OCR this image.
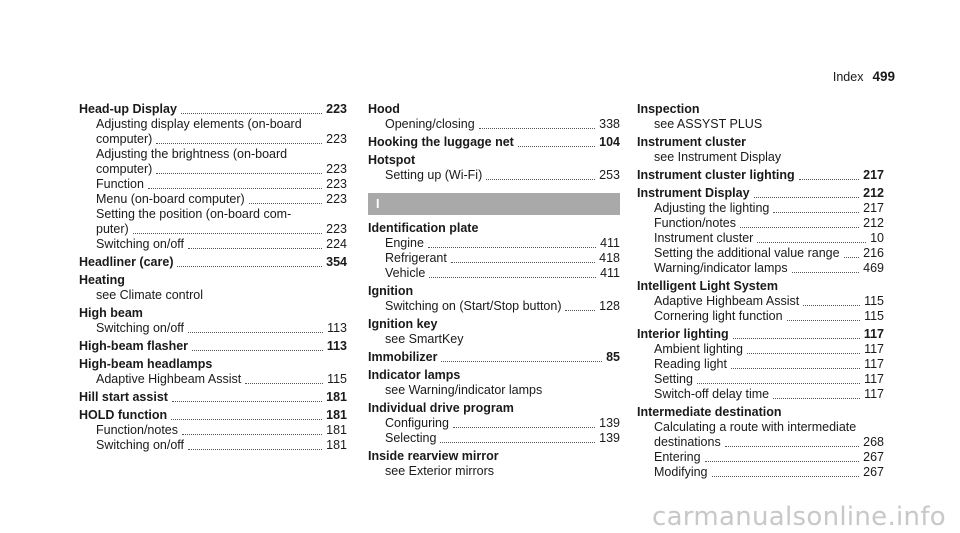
Index 499
Head-up Display	223
Adjusting display elements (on-board
computer)	223
Adjusting the brightness (on-board
computer)	223
Function	223
Menu (on-board computer)	223
Setting the position (on-board com-
puter)	223
Switching on/off	224
Headliner (care)	354
Heating
see Climate control
High beam
Switching on/off	113
High-beam flasher	113
High-beam headlamps
Adaptive Highbeam Assist	115
Hill start assist	181
HOLD function	181
Function/notes	181
Switching on/off	181
Hood
Opening/closing	338
Hooking the luggage net	104
Hotspot
Setting up (Wi-Fi)	253
I
Identification plate
Engine	411
Refrigerant	418
Vehicle	411
Ignition
Switching on (Start/Stop button)	128
Ignition key
see SmartKey
Immobilizer	85
Indicator lamps
see Warning/indicator lamps
Individual drive program
Configuring	139
Selecting	139
Inside rearview mirror
see Exterior mirrors
Inspection
see ASSYST PLUS
Instrument cluster
see Instrument Display
Instrument cluster lighting	217
Instrument Display	212
Adjusting the lighting	217
Function/notes	212
Instrument cluster	10
Setting the additional value range 216
Warning/indicator lamps	469
Intelligent Light System
Adaptive Highbeam Assist	115
Cornering light function	115
Interior lighting	117
Ambient lighting	117
Reading light	117
Setting	117
Switch-off delay time	117
Intermediate destination
Calculating a route with intermediate
destinations	268
Entering	267
Modifying	267
carmanualsonline.info
